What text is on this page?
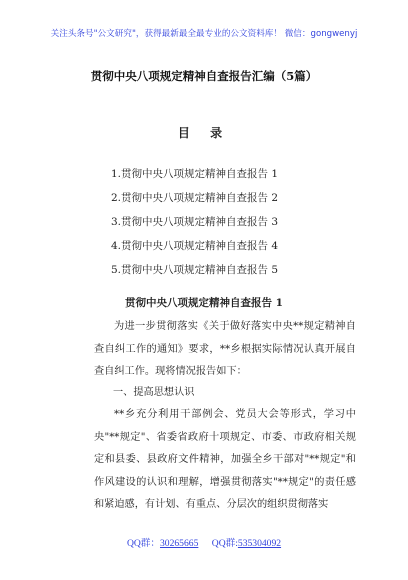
关注头条号"公文研究"，获得最新最全最专业的公文资料库！ 微信：gongwenyj
贯彻中央八项规定精神自查报告汇编（5篇）
目 录
1.贯彻中央八项规定精神自查报告 1
2.贯彻中央八项规定精神自查报告 2
3.贯彻中央八项规定精神自查报告 3
4.贯彻中央八项规定精神自查报告 4
5.贯彻中央八项规定精神自查报告 5
贯彻中央八项规定精神自查报告 1

为进一步贯彻落实《关于做好落实中央**规定精神自查自纠工作的通知》要求，**乡根据实际情况认真开展自查自纠工作。现将情况报告如下：

一、提高思想认识

**乡充分利用干部例会、党员大会等形式，学习中央"**规定"、省委省政府十项规定、市委、市政府相关规定和县委、县政府文件精神，加强全乡干部对"**规定"和作风建设的认识和理解，增强贯彻落实"**规定"的责任感和紧迫感，有计划、有重点、分层次的组织贯彻落实

QQ群：30265665 QQ群:535304092
